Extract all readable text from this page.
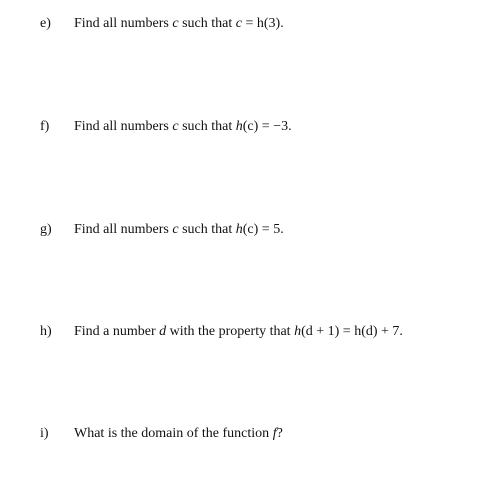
e) Find all numbers c such that c = h(3).
f) Find all numbers c such that h(c) = −3.
g) Find all numbers c such that h(c) = 5.
h) Find a number d with the property that h(d + 1) = h(d) + 7.
i) What is the domain of the function f?
